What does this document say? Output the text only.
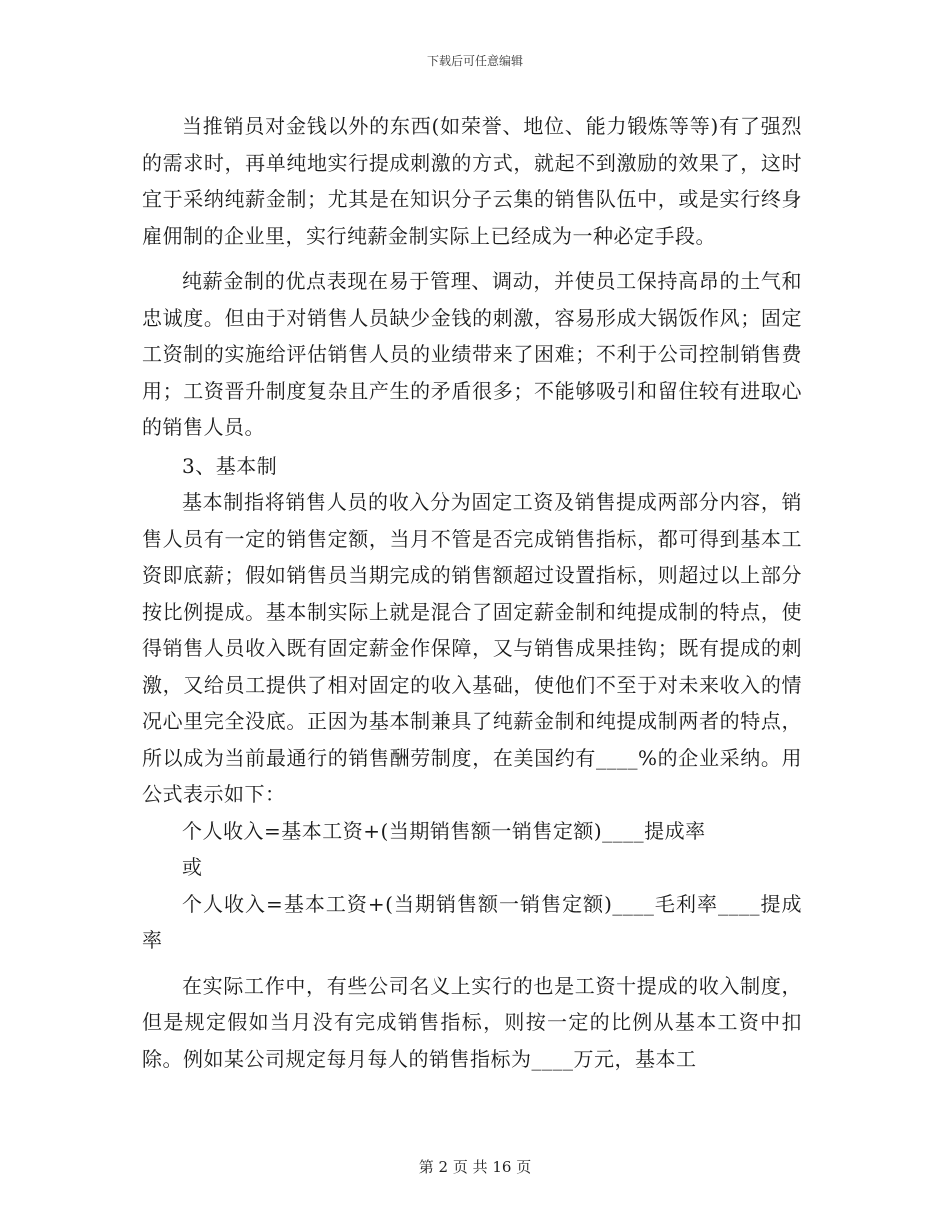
下载后可任意编辑

当推销员对金钱以外的东西(如荣誉、地位、能力锻炼等等)有了强烈的需求时，再单纯地实行提成刺激的方式，就起不到激励的效果了，这时宜于采纳纯薪金制；尤其是在知识分子云集的销售队伍中，或是实行终身雇佣制的企业里，实行纯薪金制实际上已经成为一种必定手段。

纯薪金制的优点表现在易于管理、调动，并使员工保持高昂的土气和忠诚度。但由于对销售人员缺少金钱的刺激，容易形成大锅饭作风；固定工资制的实施给评估销售人员的业绩带来了困难；不利于公司控制销售费用；工资晋升制度复杂且产生的矛盾很多；不能够吸引和留住较有进取心的销售人员。

3、基本制

基本制指将销售人员的收入分为固定工资及销售提成两部分内容，销售人员有一定的销售定额，当月不管是否完成销售指标，都可得到基本工资即底薪；假如销售员当期完成的销售额超过设置指标，则超过以上部分按比例提成。基本制实际上就是混合了固定薪金制和纯提成制的特点，使得销售人员收入既有固定薪金作保障，又与销售成果挂钩；既有提成的刺激，又给员工提供了相对固定的收入基础，使他们不至于对未来收入的情况心里完全没底。正因为基本制兼具了纯薪金制和纯提成制两者的特点，所以成为当前最通行的销售酬劳制度，在美国约有____%的企业采纳。用公式表示如下：

个人收入=基本工资+(当期销售额一销售定额)____提成率

或

个人收入=基本工资+(当期销售额一销售定额)____毛利率____提成率

在实际工作中，有些公司名义上实行的也是工资十提成的收入制度，但是规定假如当月没有完成销售指标，则按一定的比例从基本工资中扣除。例如某公司规定每月每人的销售指标为____万元，基本工

第 2 页 共 16 页
